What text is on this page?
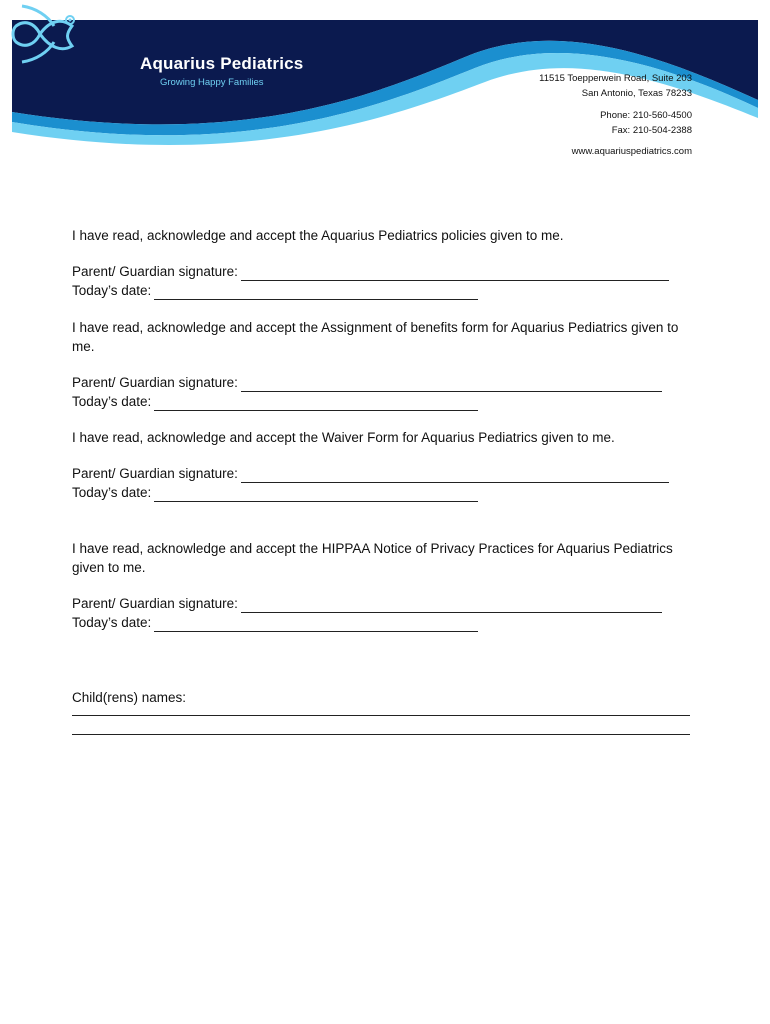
Aquarius Pediatrics
Growing Happy Families	11515 Toepperwein Road, Suite 203
San Antonio, Texas 78233
Phone: 210-560-4500
Fax: 210-504-2388
www.aquariuspediatrics.com
I have read, acknowledge and accept the Aquarius Pediatrics policies given to me.
Parent/ Guardian signature:
Today’s date:
I have read, acknowledge and accept the Assignment of benefits form for Aquarius Pediatrics given to me.
Parent/ Guardian signature:
Today’s date:
I have read, acknowledge and accept the Waiver Form for Aquarius Pediatrics given to me.
Parent/ Guardian signature:
Today’s date:
I have read, acknowledge and accept the HIPPAA Notice of Privacy Practices for Aquarius Pediatrics given to me.
Parent/ Guardian signature:
Today’s date:
Child(rens) names:
